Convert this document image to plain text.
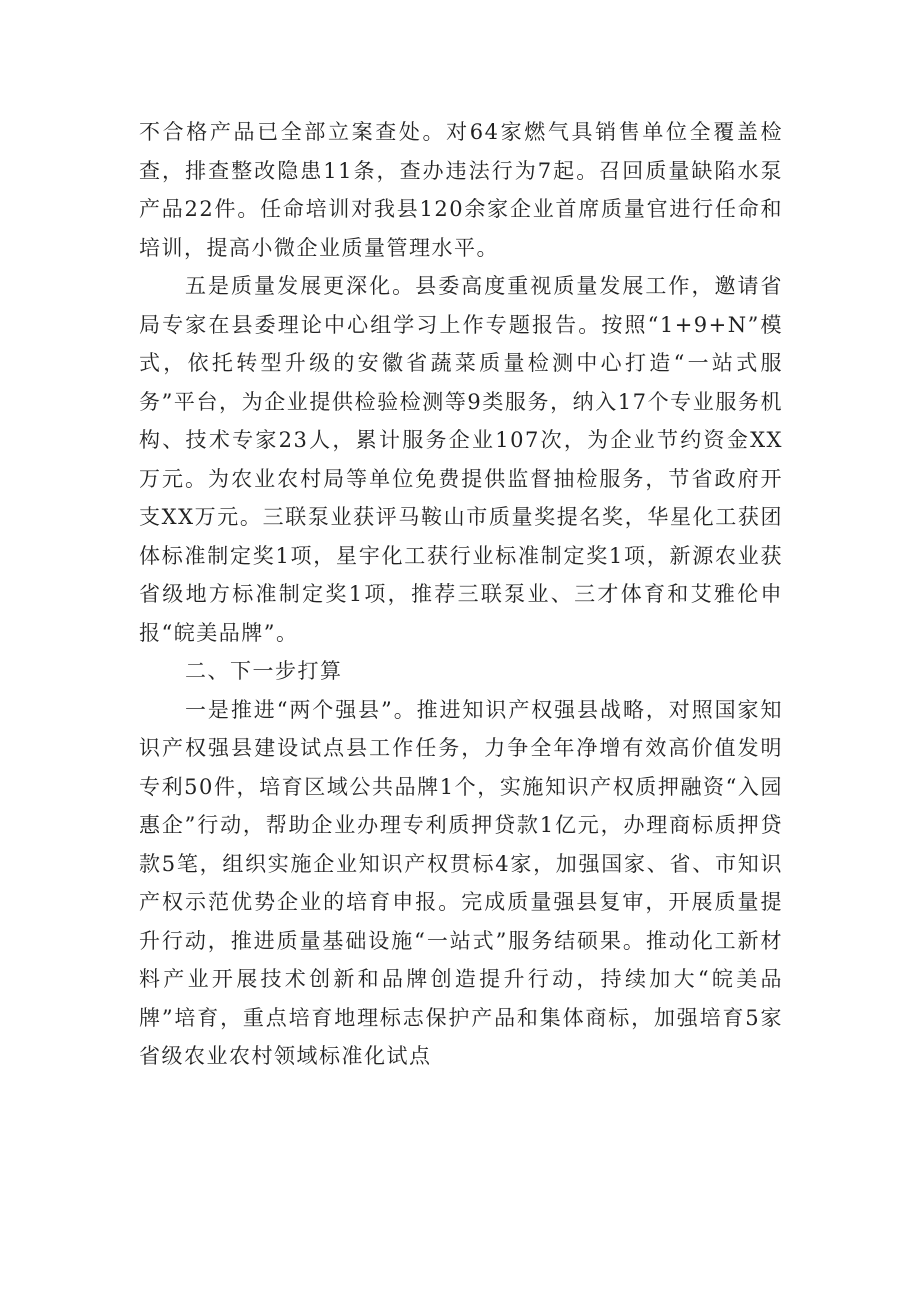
不合格产品已全部立案查处。对64家燃气具销售单位全覆盖检查，排查整改隐患11条，查办违法行为7起。召回质量缺陷水泵产品22件。任命培训对我县120余家企业首席质量官进行任命和培训，提高小微企业质量管理水平。

五是质量发展更深化。县委高度重视质量发展工作，邀请省局专家在县委理论中心组学习上作专题报告。按照“1+9+N”模式，依托转型升级的安徽省蔬菜质量检测中心打造“一站式服务”平台，为企业提供检验检测等9类服务，纳入17个专业服务机构、技术专家23人，累计服务企业107次，为企业节约资金XX万元。为农业农村局等单位免费提供监督抽检服务，节省政府开支XX万元。三联泵业获评马鞍山市质量奖提名奖，华星化工获团体标准制定奖1项，星宇化工获行业标准制定奖1项，新源农业获省级地方标准制定奖1项，推荐三联泵业、三才体育和艾雅伦申报“皖美品牌”。

二、下一步打算

一是推进“两个强县”。推进知识产权强县战略，对照国家知识产权强县建设试点县工作任务，力争全年净增有效高价值发明专利50件，培育区域公共品牌1个，实施知识产权质押融资“入园惠企”行动，帮助企业办理专利质押贷款1亿元，办理商标质押贷款5笔，组织实施企业知识产权贯标4家，加强国家、省、市知识产权示范优势企业的培育申报。完成质量强县复审，开展质量提升行动，推进质量基础设施“一站式”服务结硕果。推动化工新材料产业开展技术创新和品牌创造提升行动，持续加大“皖美品牌”培育，重点培育地理标志保护产品和集体商标，加强培育5家省级农业农村领域标准化试点
